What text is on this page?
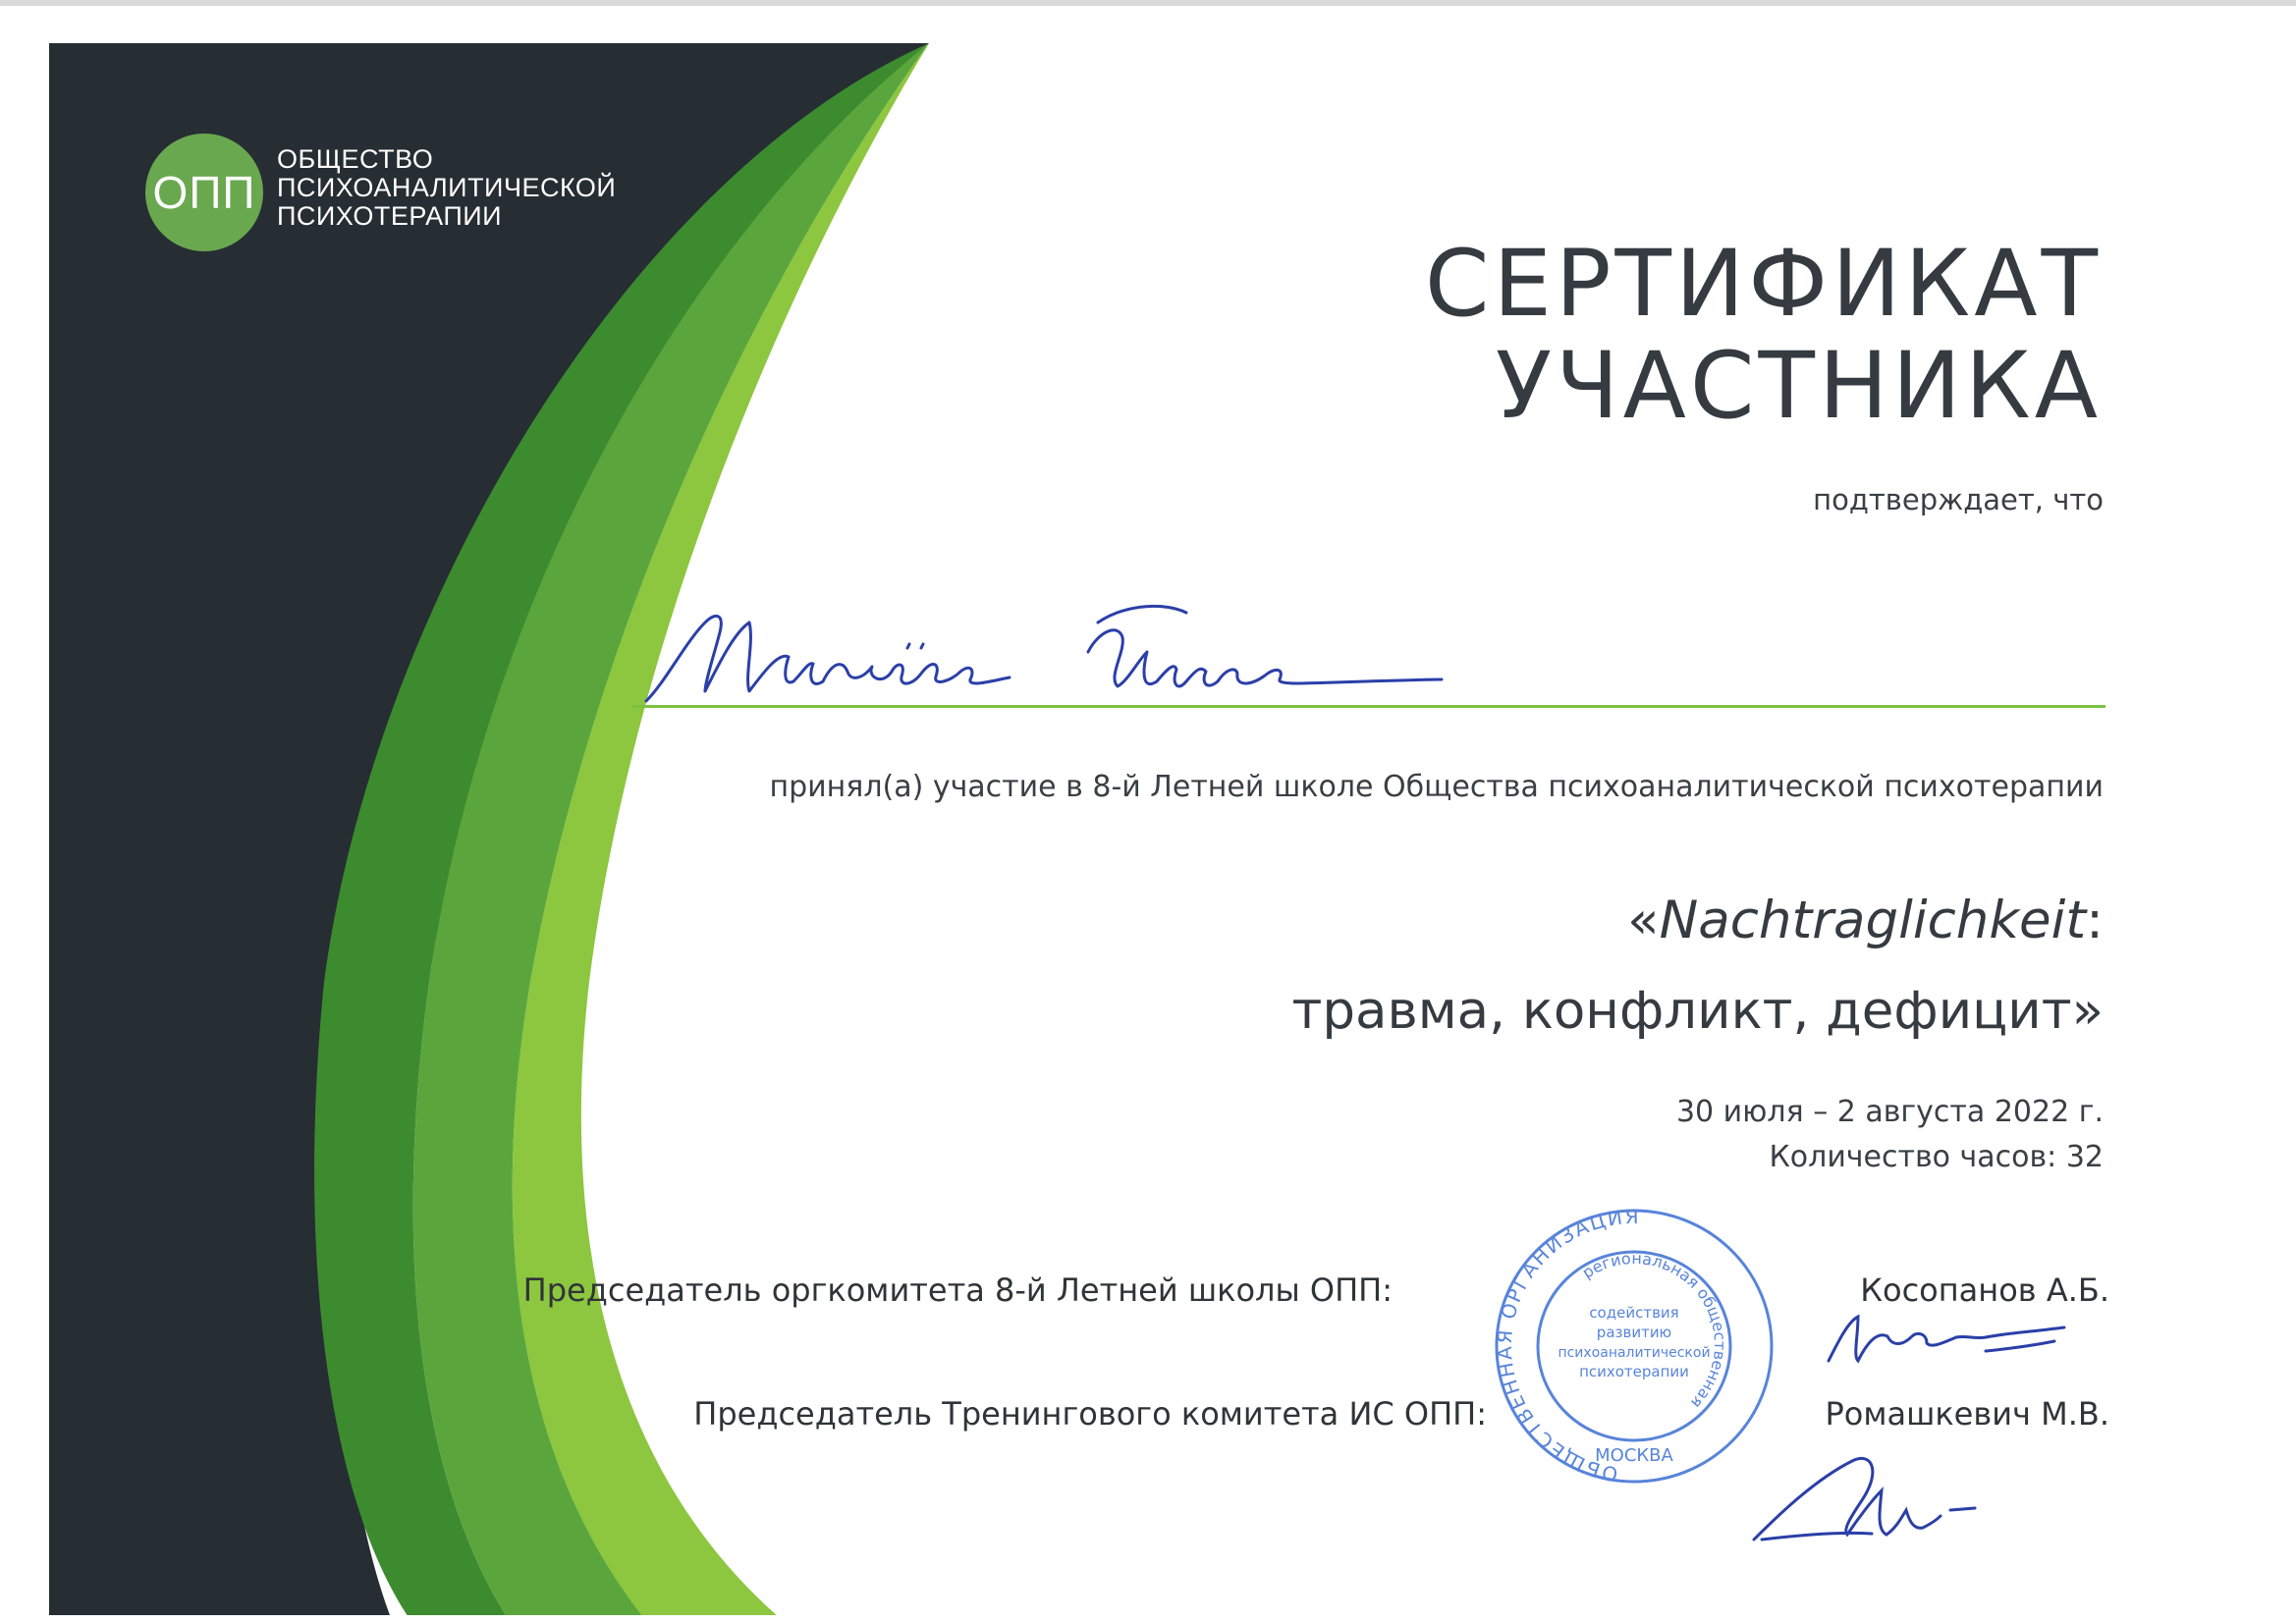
ОПП
ОБЩЕСТВО
ПСИХОАНАЛИТИЧЕСКОЙ
ПСИХОТЕРАПИИ
СЕРТИФИКАТ
УЧАСТНИКА
подтверждает, что
принял(а) участие в 8-й Летней школе Общества психоаналитической психотерапии
«Nachtraglichkeit:
травма, конфликт, дефицит»
30 июля – 2 августа 2022 г.
Количество часов: 32
Председатель оргкомитета 8-й Летней школы ОПП:	Косопанов А.Б.
Председатель Тренингового комитета ИС ОПП:	Ромашкевич М.В.
ОБЩЕСТВЕННАЯ ОРГАНИЗАЦИЯ
региональная общественная
содействия
развитию
психоаналитической
психотерапии
МОСКВА
